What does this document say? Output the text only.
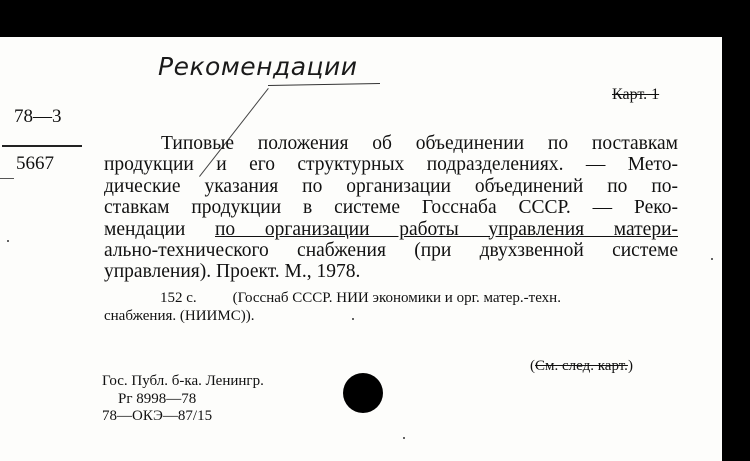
Рекомендации
Карт. 1
78—3
5667
Типовые положения об объединении по поставкам
продукции и его структурных подразделениях. — Мето-
дические указания по организации объединений по по-
ставкам продукции в системе Госснаба СССР. — Реко-
мендации по организации работы управления матери-
ально-технического снабжения (при двухзвенной системе
управления). Проект. М., 1978.
152 с. (Госснаб СССР. НИИ экономики и орг. матер.-техн.
снабжения. (НИИМС)).
(См. след. карт.)
Гос. Публ. б-ка. Ленингр.
Рг 8998—78
78—ОКЭ—87/15
